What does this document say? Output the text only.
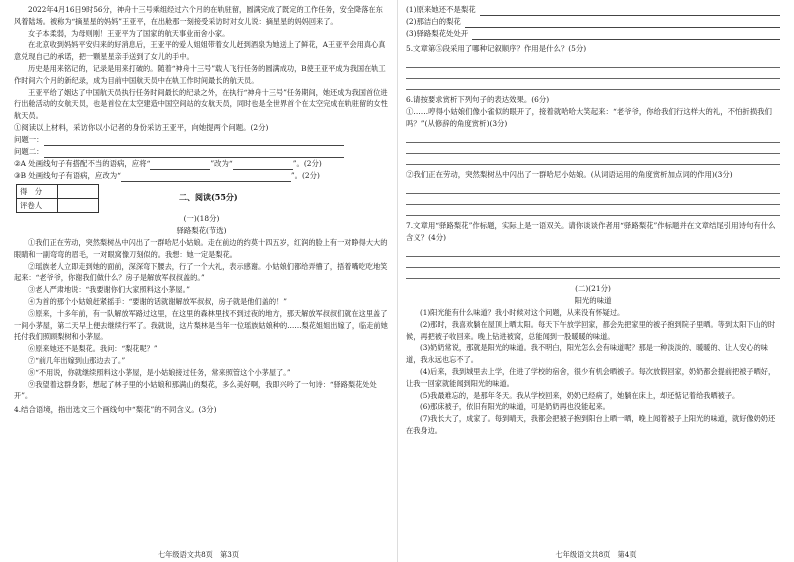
2022年4月16日9时56分，神舟十三号乘组经过六个月的在轨驻留，圆满完成了既定的工作任务，安全降落在东风着陆场。被称为“摘星星的妈妈”王亚平，在出舱那一刻接受采访时对女儿说：摘星星的妈妈回来了。

女子本柔弱，为母则刚！王亚平为了国家的航天事业而舍小家。

在北京收到妈妈平安归来的好消息后，王亚平的爱人姐姐带着女儿赶到酒泉为她送上了鲜花，A王亚平会用真心真意兑现自己的承诺，把一颗星星亲手送到了女儿的手中。

历史是用来铭记的，记录是用来打破的。随着“神舟十三号”载人飞行任务的圆满成功，B使王亚平成为我国在轨工作时间六个月的新纪录，成为目前中国航天员中在轨工作时间最长的航天员。

王亚平给了姻达了中国航天员执行任务时间最长的纪录之外，在执行“神舟十三号”任务期间，她还成为我国首位进行出舱活动的女航天员，也是首位在太空建造中国空间站的女航天员，同时也是全世界首个在太空完成在轨驻留的女性航天员。

①阅读以上材料，采访你以小记者的身份采访王亚平，向她提两个问题。(2分)

问题一：

问题二：

②A 处画线句子有搭配不当的语病，应将“	”改为“	”。(2分)

③B 处画线句子有语病，应改为“	”。(2分)

得　分	
评卷人	
二、阅读(55分)

(一)(18分)

驿路梨花(节选)

①我们正在劳动，突然梨树丛中闪出了一群哈尼小姑娘。走在前边的约莫十四五岁，红润的脸上有一对睁得大大的眼睛和一副弯弯的眉毛，一对眼窝像刀刻似的。我想：她一定是梨花。

②瑶族老人立即走到她的面前，深深弯下腰去，行了一个大礼，表示感谢。小姑娘们都给弄懵了，捂着嘴吃吃地笑起来：“老爷爷，你谢我们做什么？房子是解放军叔叔盖的。”

③老人严肃地说：“我要谢你们大家照料这小茅屋。”

④为首的那个小姑娘赶紧摇手：“要谢的话就谢解放军叔叔，房子就是他们盖的！”

⑤原来，十多年前，有一队解放军路过这里，在这里的森林里找不到过夜的地方，那天解放军叔叔们就在这里盖了一间小茅屋，第二天早上便去继续行军了。我就说，这片梨林是当年一位瑶族姑娘种的……梨花姐姐出嫁了，临走前她托付我们照顾梨树和小茅屋。

⑥原来她还不是梨花。我问：“梨花呢？”

⑦“前几年出嫁到山那边去了。”

⑧“不用说，你就继续照料这小茅屋，是小姑娘接过任务，常来照管这个小茅屋了。”

⑨我望着这群身影，想起了林子里的小姑娘和那满山的梨花，多么美好啊，我即兴吟了一句诗：“驿路梨花处处开”。

4.结合语境，指出选文三个画线句中“梨花”的不同含义。(3分)

七年级语文共8页　第3页
(1)原来她还不是梨花
(2)那洁白的梨花
(3)驿路梨花处处开

5.文章第⑤段采用了哪种记叙顺序？作用是什么？(5分)

6.请按要求赏析下列句子的表达效果。(6分)

①……哼得小姑娘们像小雀似的眼开了，接着就哈哈大笑起来：“老爷爷，你给我们行这样大的礼，不怕折损我们吗？”(从修辞的角度赏析)(3分)

②我们正在劳动，突然梨树丛中闪出了一群哈尼小姑娘。(从词语运用的角度赏析加点词的作用)(3分)

7.文章用“驿路梨花”作标题，实际上是一语双关。请你谈谈作者用“驿路梨花”作标题并在文章结尾引用诗句有什么含义？(4分)

(二)(21分)

阳光的味道

(1)阳光能有什么味道？我小时候对这个问题，从来没有怀疑过。

(2)那时，我喜欢躺在屋顶上晒太阳。每天下午放学回家，都会先把家里的被子抱到院子里晒。等到太阳下山的时候，再把被子收回来。晚上钻进被窝，总能闻到一股暖暖的味道。

(3)奶奶常说，那就是阳光的味道。我不明白，阳光怎么会有味道呢？那是一种淡淡的、暖暖的、让人安心的味道，我永远也忘不了。

(4)后来，我到城里去上学，住进了学校的宿舍，很少有机会晒被子。每次放假回家，奶奶都会提前把被子晒好，让我一回家就能闻到阳光的味道。

(5)我最难忘的，是那年冬天。我从学校回来，奶奶已经病了，她躺在床上，却还惦记着给我晒被子。

(6)那床被子，依旧有阳光的味道，可是奶奶再也没能起来。

(7)我长大了，成家了。每到晴天，我都会把被子抱到阳台上晒一晒，晚上闻着被子上阳光的味道，就好像奶奶还在我身边。

七年级语文共8页　第4页
